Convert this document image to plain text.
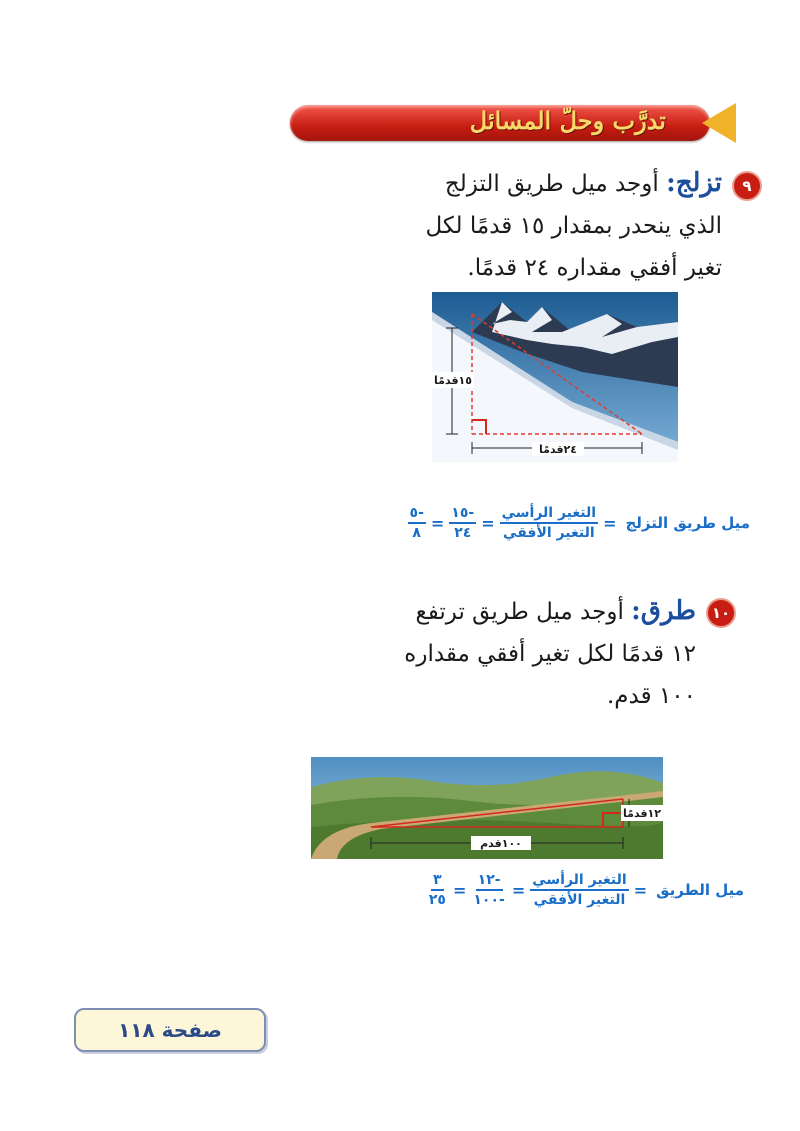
تدرَّب وحلّ المسائل
٩
تزلج: أوجد ميل طريق التزلج
الذي ينحدر بمقدار ١٥ قدمًا لكل
تغير أفقي مقداره ٢٤ قدمًا.
١٥قدمًا
٢٤قدمًا
ميل طريق التزلج
=
$\frac{\text{التغير الرأسي}}{\text{التغير الأفقي}}$
=
$\frac{-١٥}{٢٤}$
=
$\frac{-٥}{٨}$
١٠
طرق: أوجد ميل طريق ترتفع
١٢ قدمًا لكل تغير أفقي مقداره
١٠٠ قدم.
١٠٠قدم
١٢قدمًا
ميل الطريق
=
$\frac{\text{التغير الرأسي}}{\text{التغير الأفقي}}$
=
$\frac{-١٢}{-١٠٠}$
=
$\frac{٣}{٢٥}$
صفحة ١١٨
